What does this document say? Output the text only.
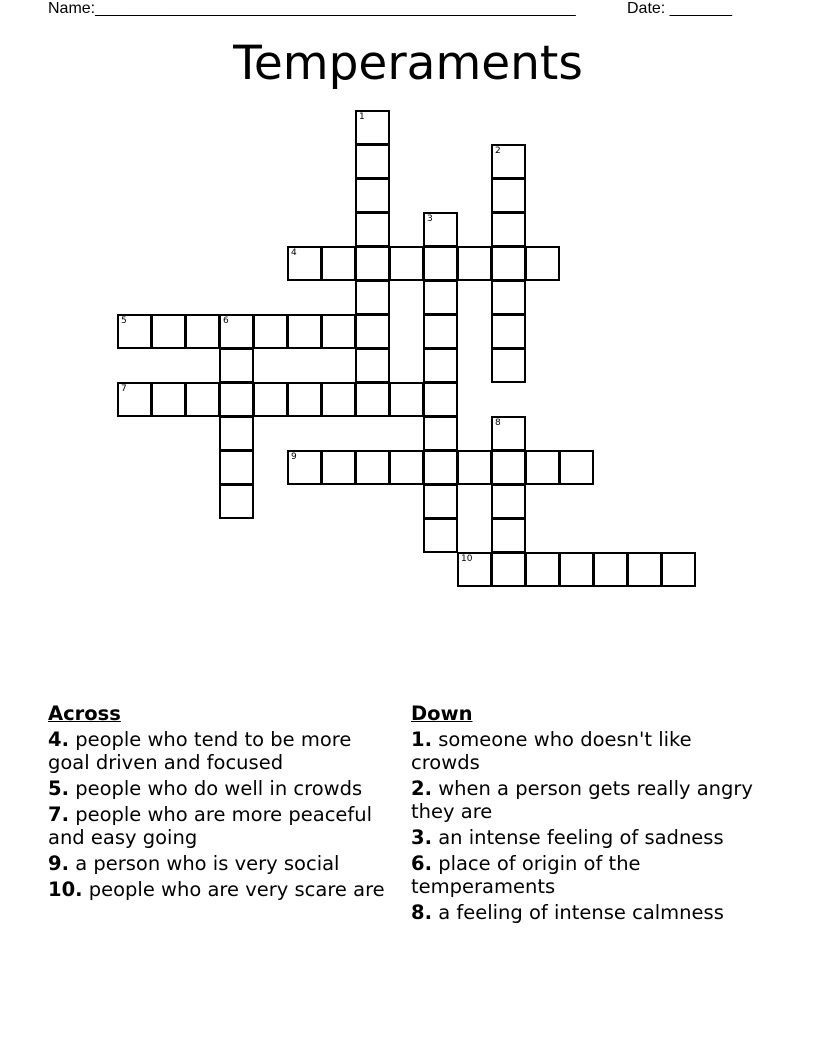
Name:______________________________________________________	Date: _______
Temperaments
1
2
3
4
5	6
7
8
9
10
Across
4. people who tend to be more goal driven and focused
5. people who do well in crowds
7. people who are more peaceful and easy going
9. a person who is very social
10. people who are very scare are
Down
1. someone who doesn't like crowds
2. when a person gets really angry they are
3. an intense feeling of sadness
6. place of origin of the temperaments
8. a feeling of intense calmness
